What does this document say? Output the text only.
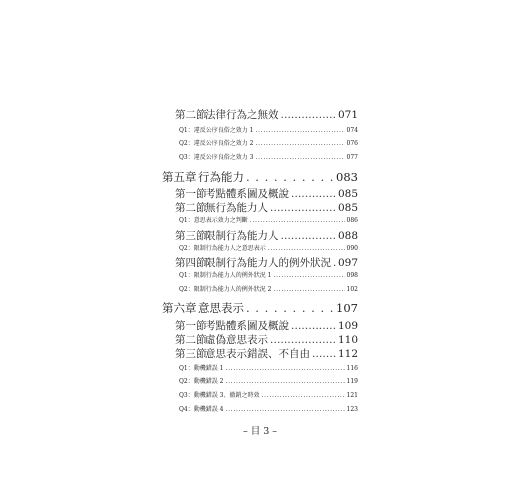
第二節法律行為之無效 . . .	071
Q1：違反公序良俗之效力 1 . . .	074
Q2：違反公序良俗之效力 2 . . .	076
Q3：違反公序良俗之效力 3 . . .	077
第五章 行為能力 . . .	083
第一節考點體系圖及概說 . . .	085
第二節無行為能力人 . . .	085
Q1：意思表示效力之判斷 . . .	086
第三節限制行為能力人 . . .	088
Q2：限制行為能力人之意思表示 . . .	090
第四節限制行為能力人的例外狀況 . . . 097
Q1：限制行為能力人的例外狀況 1 . . .	098
Q2：限制行為能力人的例外狀況 2 . . .	102
第六章 意思表示 . . .	107
第一節考點體系圖及概說 . . .	109
第二節虛偽意思表示 . . .	110
第三節意思表示錯誤、不自由 . . .	112
Q1：動機錯誤 1 . . .	116
Q2：動機錯誤 2 . . .	119
Q3：動機錯誤 3、撤銷之時效 . . .	121
Q4：動機錯誤 4 . . .	123
– 目 3 –
